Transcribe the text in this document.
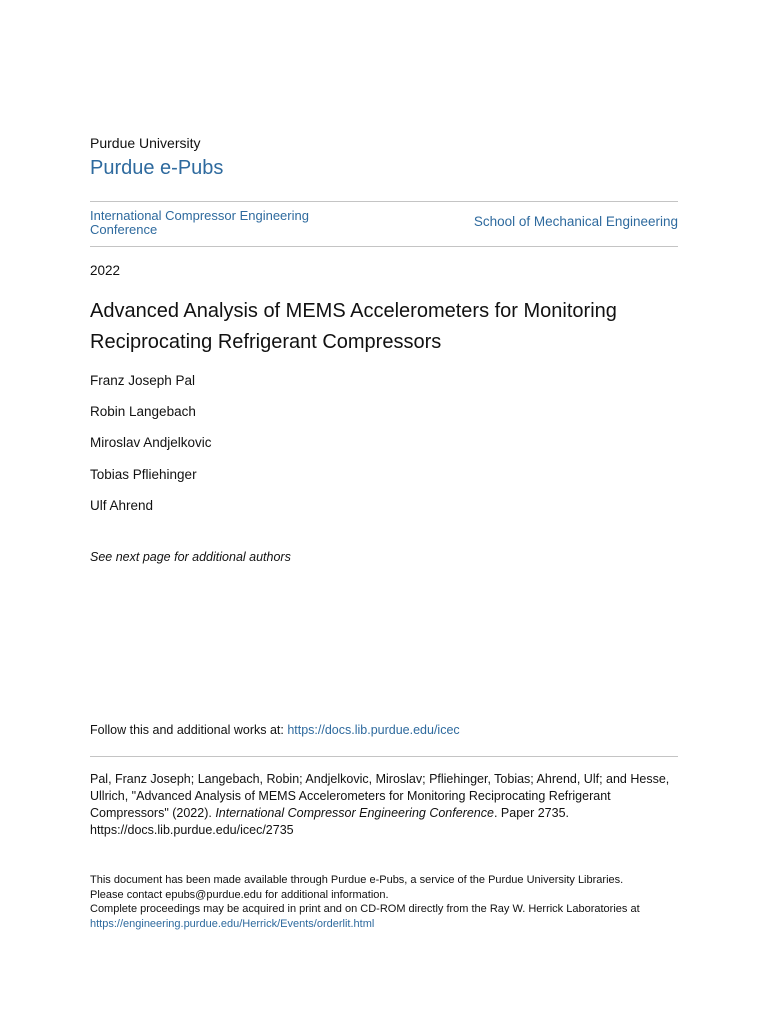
Purdue University
Purdue e-Pubs
International Compressor Engineering Conference
School of Mechanical Engineering
2022
Advanced Analysis of MEMS Accelerometers for Monitoring Reciprocating Refrigerant Compressors
Franz Joseph Pal
Robin Langebach
Miroslav Andjelkovic
Tobias Pfliehinger
Ulf Ahrend
See next page for additional authors
Follow this and additional works at: https://docs.lib.purdue.edu/icec
Pal, Franz Joseph; Langebach, Robin; Andjelkovic, Miroslav; Pfliehinger, Tobias; Ahrend, Ulf; and Hesse, Ullrich, "Advanced Analysis of MEMS Accelerometers for Monitoring Reciprocating Refrigerant Compressors" (2022). International Compressor Engineering Conference. Paper 2735.
https://docs.lib.purdue.edu/icec/2735
This document has been made available through Purdue e-Pubs, a service of the Purdue University Libraries.
Please contact epubs@purdue.edu for additional information.
Complete proceedings may be acquired in print and on CD-ROM directly from the Ray W. Herrick Laboratories at
https://engineering.purdue.edu/Herrick/Events/orderlit.html
